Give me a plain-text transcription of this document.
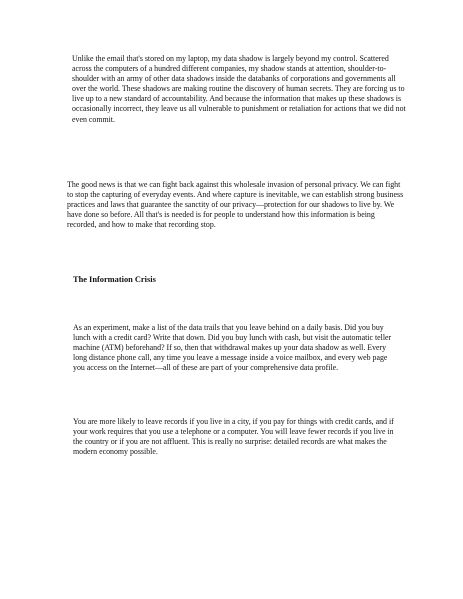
Unlike the email that's stored on my laptop, my data shadow is largely beyond my control. Scattered across the computers of a hundred different companies, my shadow stands at attention, shoulder-to-shoulder with an army of other data shadows inside the databanks of corporations and governments all over the world. These shadows are making routine the discovery of human secrets. They are forcing us to live up to a new standard of accountability. And because the information that makes up these shadows is occasionally incorrect, they leave us all vulnerable to punishment or retaliation for actions that we did not even commit.

The good news is that we can fight back against this wholesale invasion of personal privacy. We can fight to stop the capturing of everyday events. And where capture is inevitable, we can establish strong business practices and laws that guarantee the sanctity of our privacy—protection for our shadows to live by. We have done so before. All that's is needed is for people to understand how this information is being recorded, and how to make that recording stop.

The Information Crisis

As an experiment, make a list of the data trails that you leave behind on a daily basis. Did you buy lunch with a credit card? Write that down. Did you buy lunch with cash, but visit the automatic teller machine (ATM) beforehand? If so, then that withdrawal makes up your data shadow as well. Every long distance phone call, any time you leave a message inside a voice mailbox, and every web page you access on the Internet—all of these are part of your comprehensive data profile.

You are more likely to leave records if you live in a city, if you pay for things with credit cards, and if your work requires that you use a telephone or a computer. You will leave fewer records if you live in the country or if you are not affluent. This is really no surprise: detailed records are what makes the modern economy possible.
